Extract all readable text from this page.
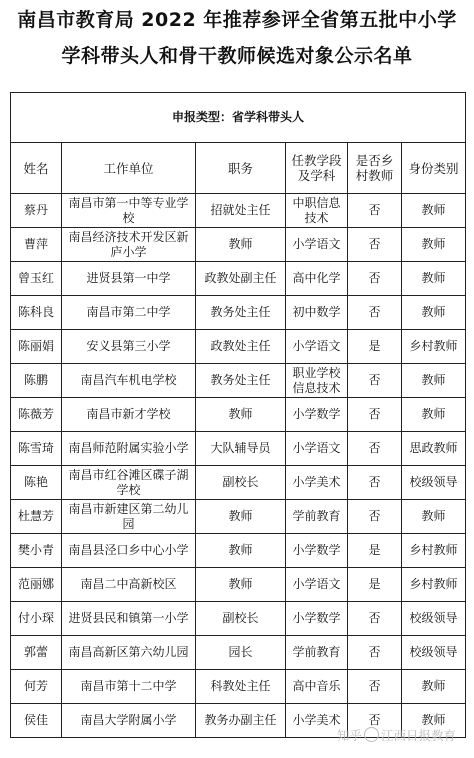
南昌市教育局 2022 年推荐参评全省第五批中小学
学科带头人和骨干教师候选对象公示名单
申报类型：省学科带头人					
姓名	工作单位	职务	任教学段及学科	是否乡村教师	身份类别
蔡丹	南昌市第一中等专业学校	招就处主任	中职信息技术	否	教师
曹萍	南昌经济技术开发区新庐小学	教师	小学语文	否	教师
曾玉红	进贤县第一中学	政教处副主任	高中化学	否	教师
陈科良	南昌市第二中学	教务处主任	初中数学	否	教师
陈丽娟	安义县第三小学	政教处主任	小学语文	是	乡村教师
陈鹏	南昌汽车机电学校	教务处主任	职业学校信息技术	否	教师
陈薇芳	南昌市新才学校	教师	小学数学	否	教师
陈雪琦	南昌师范附属实验小学	大队辅导员	小学语文	否	思政教师
陈艳	南昌市红谷滩区碟子湖学校	副校长	小学美术	否	校级领导
杜慧芳	南昌市新建区第二幼儿园	教师	学前教育	否	教师
樊小青	南昌县泾口乡中心小学	教师	小学数学	是	乡村教师
范丽娜	南昌二中高新校区	教师	小学语文	是	乡村教师
付小琛	进贤县民和镇第一小学	副校长	小学数学	否	校级领导
郭蕾	南昌高新区第六幼儿园	园长	学前教育	否	校级领导
何芳	南昌市第十二中学	科教处主任	高中音乐	否	教师
侯佳	南昌大学附属小学	教务办副主任	小学美术	否	教师
知乎 江西日报教育
